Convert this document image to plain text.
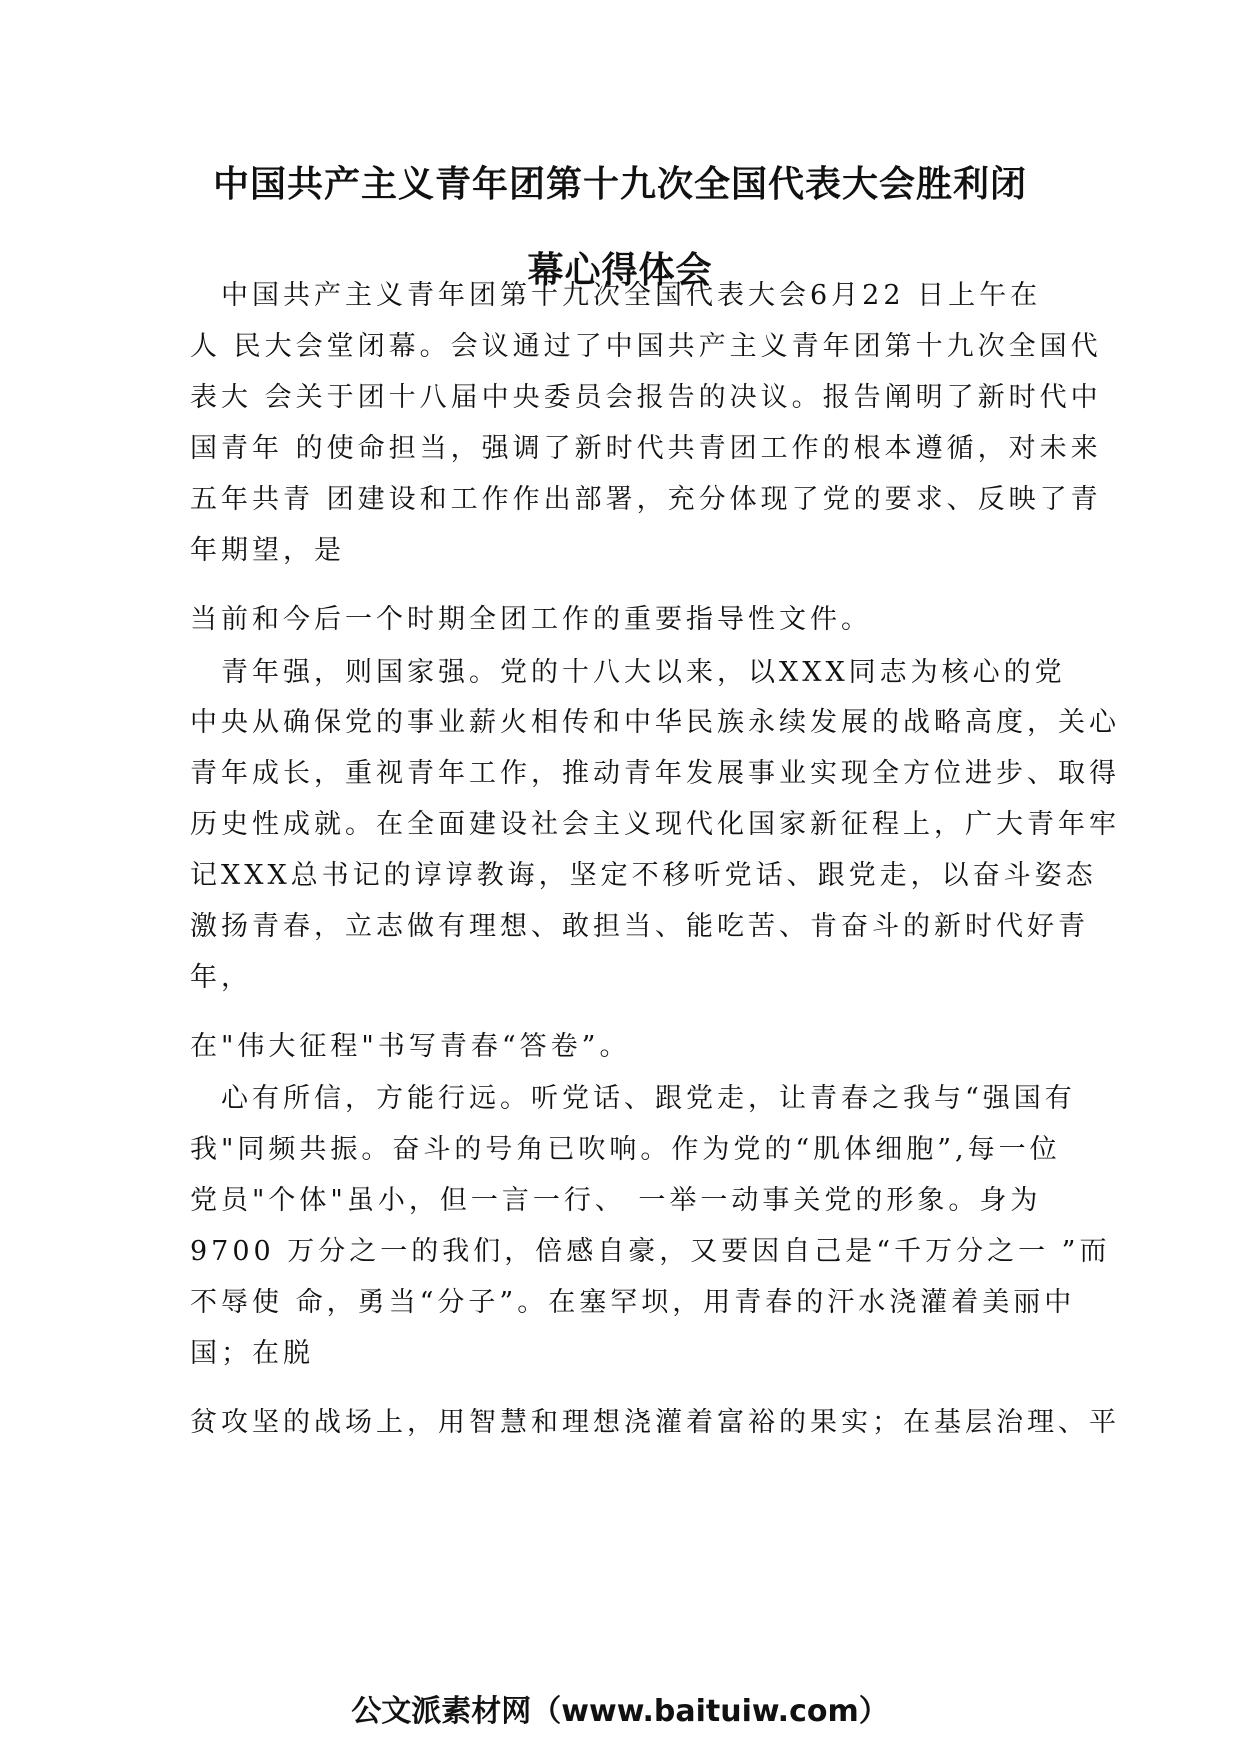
中国共产主义青年团第十九次全国代表大会胜利闭
幕心得体会
　中国共产主义青年团第十九次全国代表大会6月22 日上午在
人 民大会堂闭幕。会议通过了中国共产主义青年团第十九次全国代
表大 会关于团十八届中央委员会报告的决议。报告阐明了新时代中
国青年 的使命担当，强调了新时代共青团工作的根本遵循，对未来
五年共青 团建设和工作作出部署，充分体现了党的要求、反映了青
年期望，是
当前和今后一个时期全团工作的重要指导性文件。
　青年强，则国家强。党的十八大以来，以XXX同志为核心的党
中央从确保党的事业薪火相传和中华民族永续发展的战略高度，关心
青年成长，重视青年工作，推动青年发展事业实现全方位进步、取得
历史性成就。在全面建设社会主义现代化国家新征程上，广大青年牢
记XXX总书记的谆谆教诲，坚定不移听党话、跟党走，以奋斗姿态
激扬青春，立志做有理想、敢担当、能吃苦、肯奋斗的新时代好青
年，
在"伟大征程"书写青春“答卷”。
　心有所信，方能行远。听党话、跟党走，让青春之我与“强国有
我"同频共振。奋斗的号角已吹响。作为党的“肌体细胞”,每一位
党员"个体"虽小，但一言一行、 一举一动事关党的形象。身为
9700 万分之一的我们，倍感自豪，又要因自己是“千万分之一 ”而
不辱使 命，勇当“分子”。在塞罕坝，用青春的汗水浇灌着美丽中
国；在脱
贫攻坚的战场上，用智慧和理想浇灌着富裕的果实；在基层治理、平
公文派素材网（www.baituiw.com）
